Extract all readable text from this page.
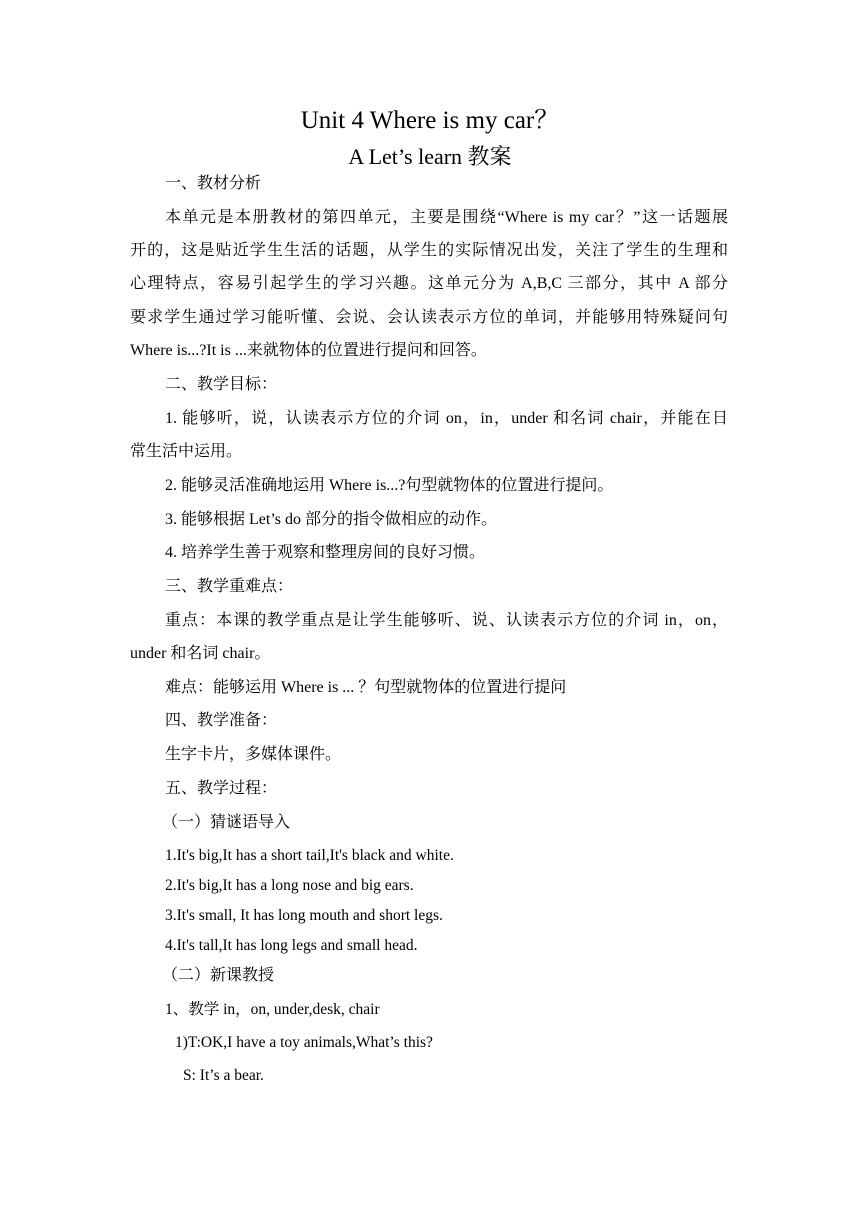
Unit 4 Where is my car？
A Let’s learn 教案
一、教材分析
本单元是本册教材的第四单元，主要是围绕“Where is my car？”这一话题展
开的，这是贴近学生生活的话题，从学生的实际情况出发，关注了学生的生理和
心理特点，容易引起学生的学习兴趣。这单元分为 A,B,C 三部分，其中 A 部分
要求学生通过学习能听懂、会说、会认读表示方位的单词，并能够用特殊疑问句
Where is...?It is ...来就物体的位置进行提问和回答。
二、教学目标：
1. 能够听，说，认读表示方位的介词 on，in，under 和名词 chair，并能在日
常生活中运用。
2. 能够灵活准确地运用 Where is...?句型就物体的位置进行提问。
3. 能够根据 Let’s do 部分的指令做相应的动作。
4. 培养学生善于观察和整理房间的良好习惯。
三、教学重难点：
重点：本课的教学重点是让学生能够听、说、认读表示方位的介词 in，on，
under 和名词 chair。
难点：能够运用 Where is ... ？句型就物体的位置进行提问
四、教学准备：
生字卡片，多媒体课件。
五、教学过程：
（一）猜谜语导入
1.It's big,It has a short tail,It's black and white.
2.It's big,It has a long nose and big ears.
3.It's small, It has long mouth and short legs.
4.It's tall,It has long legs and small head.
（二）新课教授
1、教学 in，on, under,desk, chair
1)T:OK,I have a toy animals,What’s this?
S: It’s a bear.
